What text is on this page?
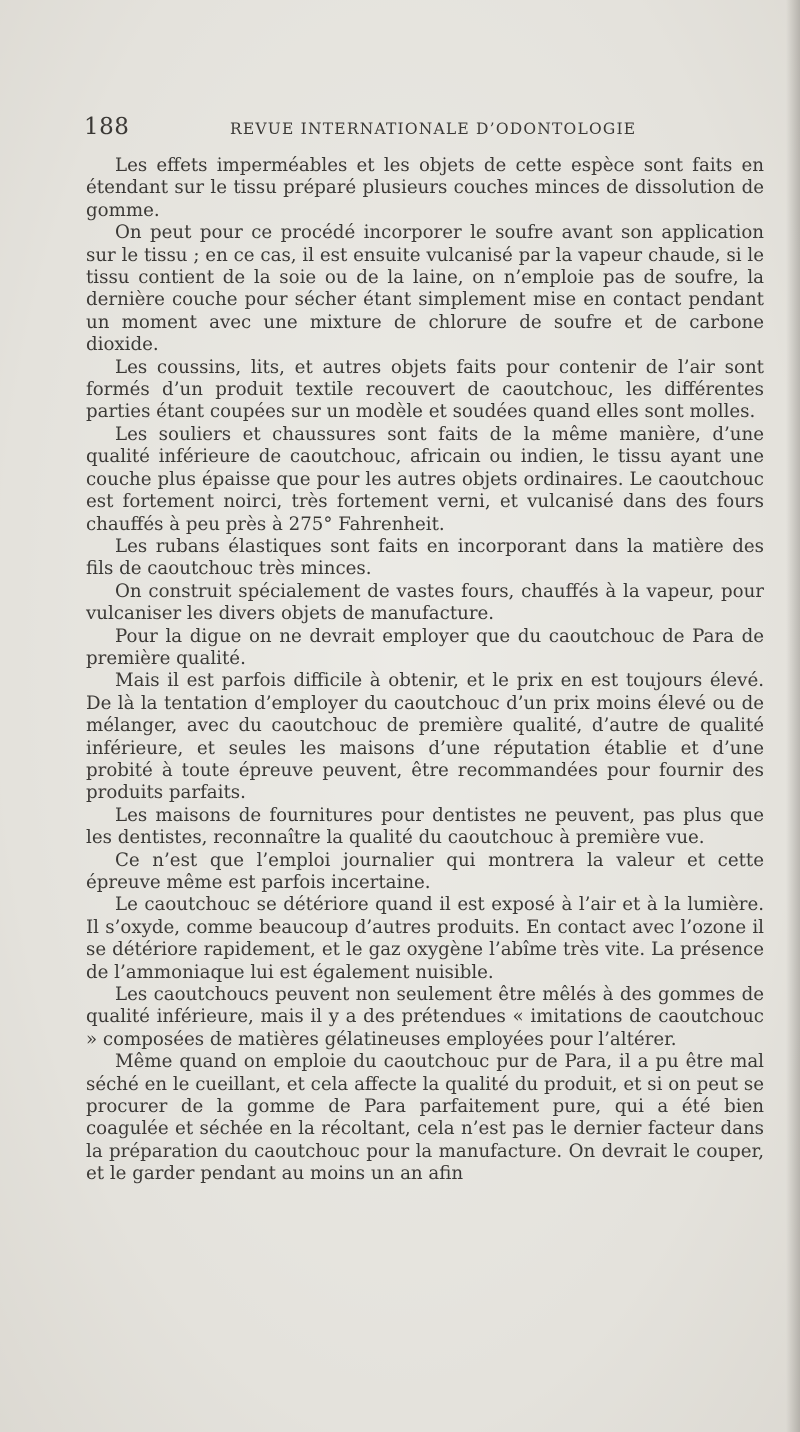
188	REVUE INTERNATIONALE D’ODONTOLOGIE

Les effets imperméables et les objets de cette espèce sont faits en étendant sur le tissu préparé plusieurs couches minces de dissolution de gomme.

On peut pour ce procédé incorporer le soufre avant son application sur le tissu ; en ce cas, il est ensuite vulcanisé par la vapeur chaude, si le tissu contient de la soie ou de la laine, on n’emploie pas de soufre, la dernière couche pour sécher étant simplement mise en contact pendant un moment avec une mixture de chlorure de soufre et de carbone dioxide.

Les coussins, lits, et autres objets faits pour contenir de l’air sont formés d’un produit textile recouvert de caoutchouc, les différentes parties étant coupées sur un modèle et soudées quand elles sont molles.

Les souliers et chaussures sont faits de la même manière, d’une qualité inférieure de caoutchouc, africain ou indien, le tissu ayant une couche plus épaisse que pour les autres objets ordinaires. Le caoutchouc est fortement noirci, très fortement verni, et vulcanisé dans des fours chauffés à peu près à 275° Fahrenheit.

Les rubans élastiques sont faits en incorporant dans la matière des fils de caoutchouc très minces.

On construit spécialement de vastes fours, chauffés à la vapeur, pour vulcaniser les divers objets de manufacture.

Pour la digue on ne devrait employer que du caoutchouc de Para de première qualité.

Mais il est parfois difficile à obtenir, et le prix en est toujours élevé. De là la tentation d’employer du caoutchouc d’un prix moins élevé ou de mélanger, avec du caoutchouc de première qualité, d’autre de qualité inférieure, et seules les maisons d’une réputation établie et d’une probité à toute épreuve peuvent, être recommandées pour fournir des produits parfaits.

Les maisons de fournitures pour dentistes ne peuvent, pas plus que les dentistes, reconnaître la qualité du caoutchouc à première vue.

Ce n’est que l’emploi journalier qui montrera la valeur et cette épreuve même est parfois incertaine.

Le caoutchouc se détériore quand il est exposé à l’air et à la lumière. Il s’oxyde, comme beaucoup d’autres produits. En contact avec l’ozone il se détériore rapidement, et le gaz oxygène l’abîme très vite. La présence de l’ammoniaque lui est également nuisible.

Les caoutchoucs peuvent non seulement être mêlés à des gommes de qualité inférieure, mais il y a des prétendues « imitations de caoutchouc » composées de matières gélatineuses employées pour l’altérer.

Même quand on emploie du caoutchouc pur de Para, il a pu être mal séché en le cueillant, et cela affecte la qualité du produit, et si on peut se procurer de la gomme de Para parfaitement pure, qui a été bien coagulée et séchée en la récoltant, cela n’est pas le dernier facteur dans la préparation du caoutchouc pour la manufacture. On devrait le couper, et le garder pendant au moins un an afin
